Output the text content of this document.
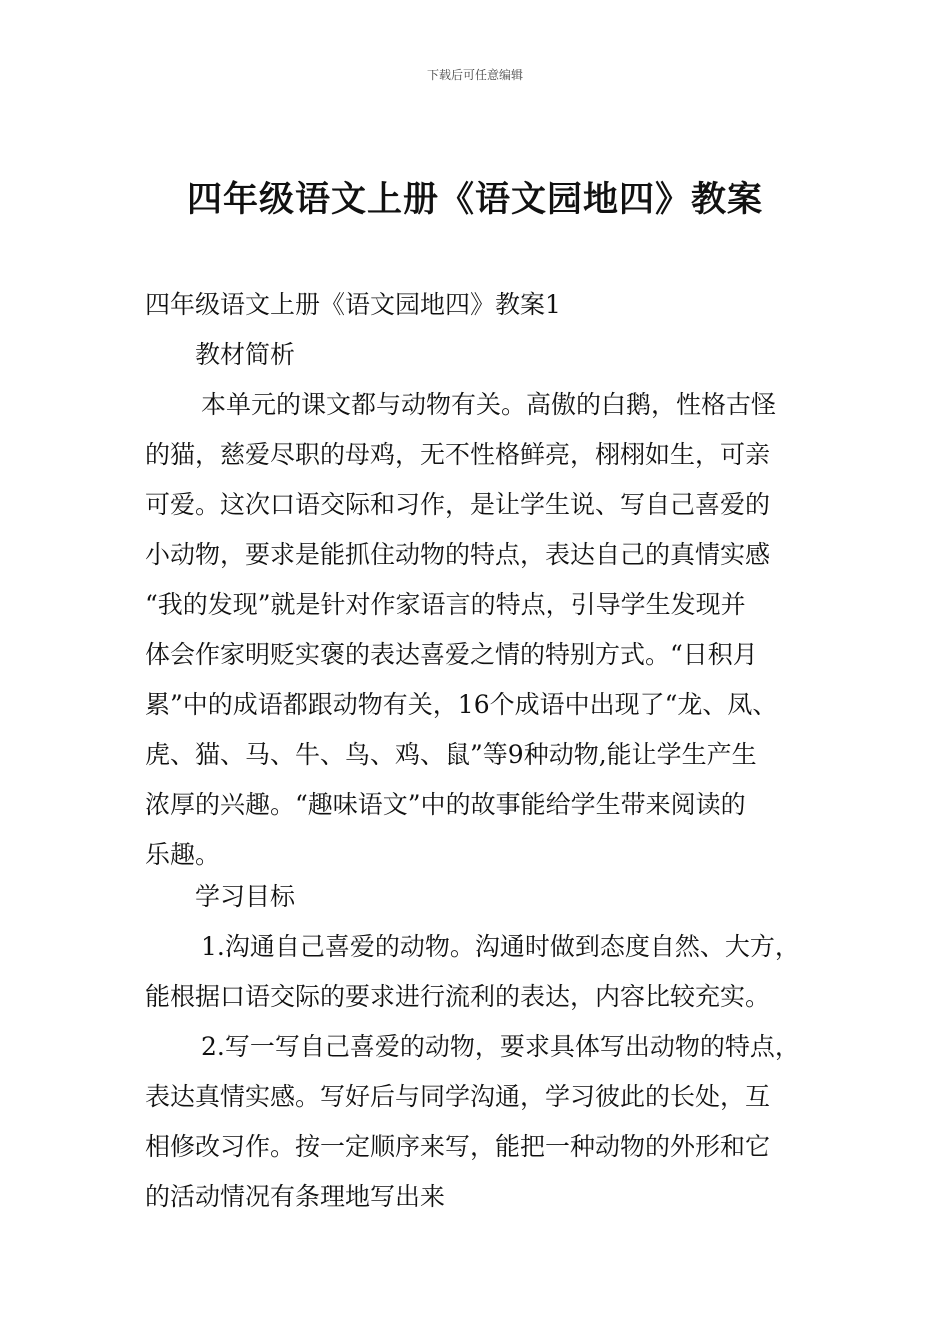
下载后可任意编辑
四年级语文上册《语文园地四》教案
四年级语文上册《语文园地四》教案1
教材简析
本单元的课文都与动物有关。高傲的白鹅，性格古怪
的猫，慈爱尽职的母鸡，无不性格鲜亮，栩栩如生，可亲
可爱。这次口语交际和习作，是让学生说、写自己喜爱的
小动物，要求是能抓住动物的特点，表达自己的真情实感
“我的发现”就是针对作家语言的特点，引导学生发现并
体会作家明贬实褒的表达喜爱之情的特别方式。“日积月
累”中的成语都跟动物有关，16个成语中出现了“龙、凤、
虎、猫、马、牛、鸟、鸡、鼠”等9种动物,能让学生产生
浓厚的兴趣。“趣味语文”中的故事能给学生带来阅读的
乐趣。
学习目标
1.沟通自己喜爱的动物。沟通时做到态度自然、大方，
能根据口语交际的要求进行流利的表达，内容比较充实。
2.写一写自己喜爱的动物，要求具体写出动物的特点，
表达真情实感。写好后与同学沟通，学习彼此的长处，互
相修改习作。按一定顺序来写，能把一种动物的外形和它
的活动情况有条理地写出来
